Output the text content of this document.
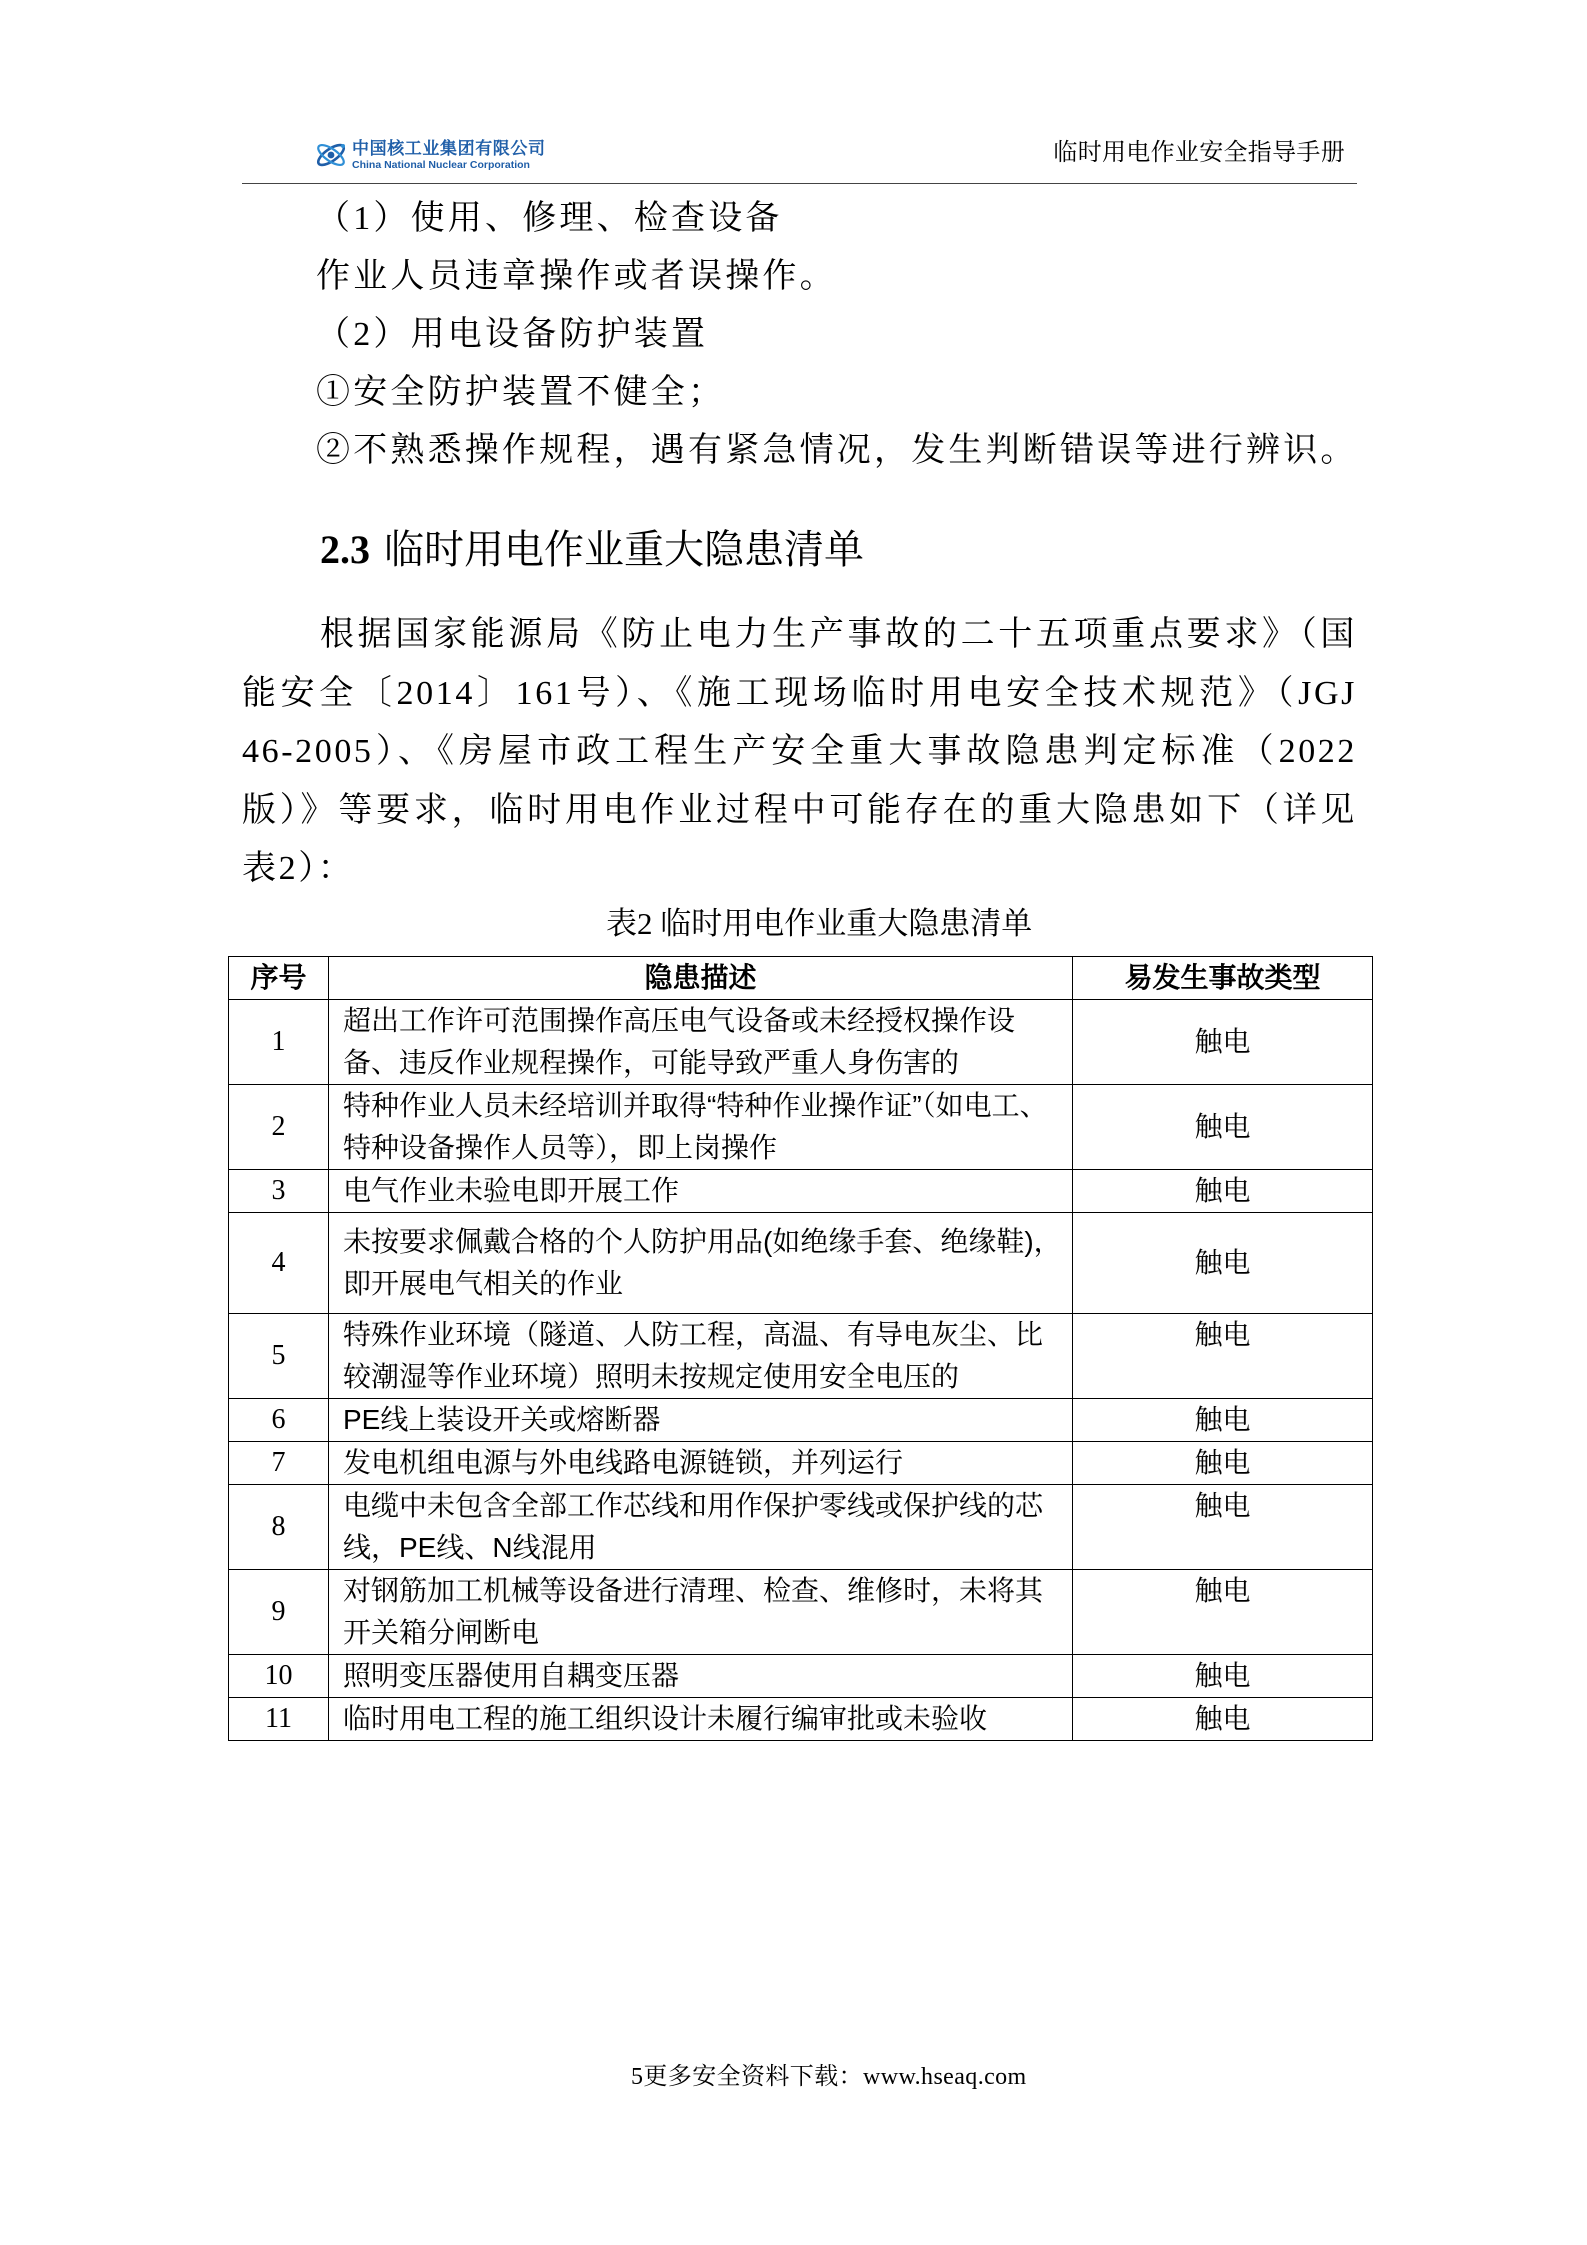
中国核工业集团有限公司
China National Nuclear Corporation	临时用电作业安全指导手册
（1）使用、修理、检查设备
作业人员违章操作或者误操作。
（2）用电设备防护装置
①安全防护装置不健全；
②不熟悉操作规程，遇有紧急情况，发生判断错误等进行辨识。
2.3 临时用电作业重大隐患清单
根据国家能源局《防止电力生产事故的二十五项重点要求》（国能安全〔2014〕161号）、《施工现场临时用电安全技术规范》（JGJ 46-2005）、《房屋市政工程生产安全重大事故隐患判定标准（2022版）》等要求，临时用电作业过程中可能存在的重大隐患如下（详见表2）：
表2 临时用电作业重大隐患清单
序号	隐患描述	易发生事故类型
1	超出工作许可范围操作高压电气设备或未经授权操作设备、违反作业规程操作，可能导致严重人身伤害的	触电
2	特种作业人员未经培训并取得“特种作业操作证”（如电工、特种设备操作人员等），即上岗操作	触电
3	电气作业未验电即开展工作	触电
4	未按要求佩戴合格的个人防护用品(如绝缘手套、绝缘鞋)，即开展电气相关的作业	触电
5	特殊作业环境（隧道、人防工程，高温、有导电灰尘、比较潮湿等作业环境）照明未按规定使用安全电压的	触电
6	PE线上装设开关或熔断器	触电
7	发电机组电源与外电线路电源链锁，并列运行	触电
8	电缆中未包含全部工作芯线和用作保护零线或保护线的芯线，PE线、N线混用	触电
9	对钢筋加工机械等设备进行清理、检查、维修时，未将其开关箱分闸断电	触电
10	照明变压器使用自耦变压器	触电
11	临时用电工程的施工组织设计未履行编审批或未验收	触电
5更多安全资料下载：www.hseaq.com
